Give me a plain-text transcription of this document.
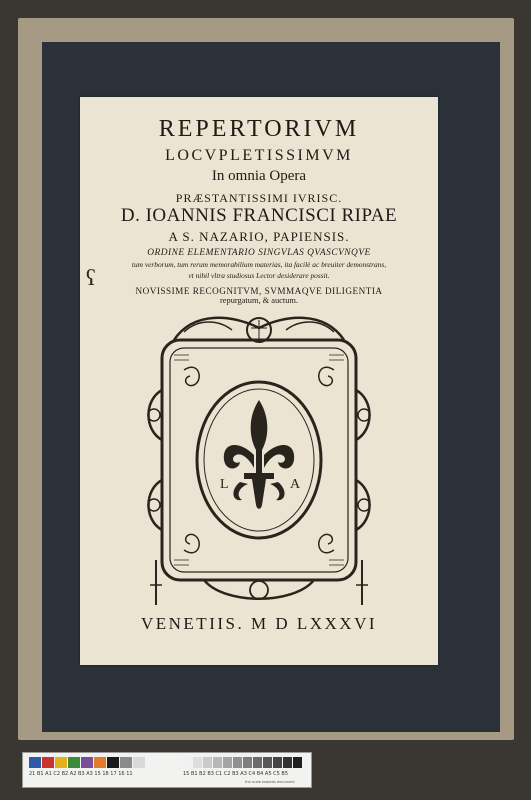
ʕ
REPERTORIVM
LOCVPLETISSIMVM
In omnia Opera
PRÆSTANTISSIMI IVRISC.
D. IOANNIS FRANCISCI RIPAE
A S. NAZARIO, PAPIENSIS.
ORDINE ELEMENTARIO SINGVLAS QVASCVNQVE
tum verborum, tum rerum memorabilium materias, ita facilè ac breuiter demonstrans,
vt nihil vltra studiosus Lector desiderare possit.
NOVISSIME RECOGNITVM, SVMMAQVE DILIGENTIA
repurgatum, & auctum.
L	A
VENETIIS. M D LXXXVI
21 B1 A1 C2 B2 A2 B3 A3 15 18 17 16 11	15 B1 B2 B3 C1 C2 B3 A3 C4 B4 A5 C5 B5
the scale towards document
